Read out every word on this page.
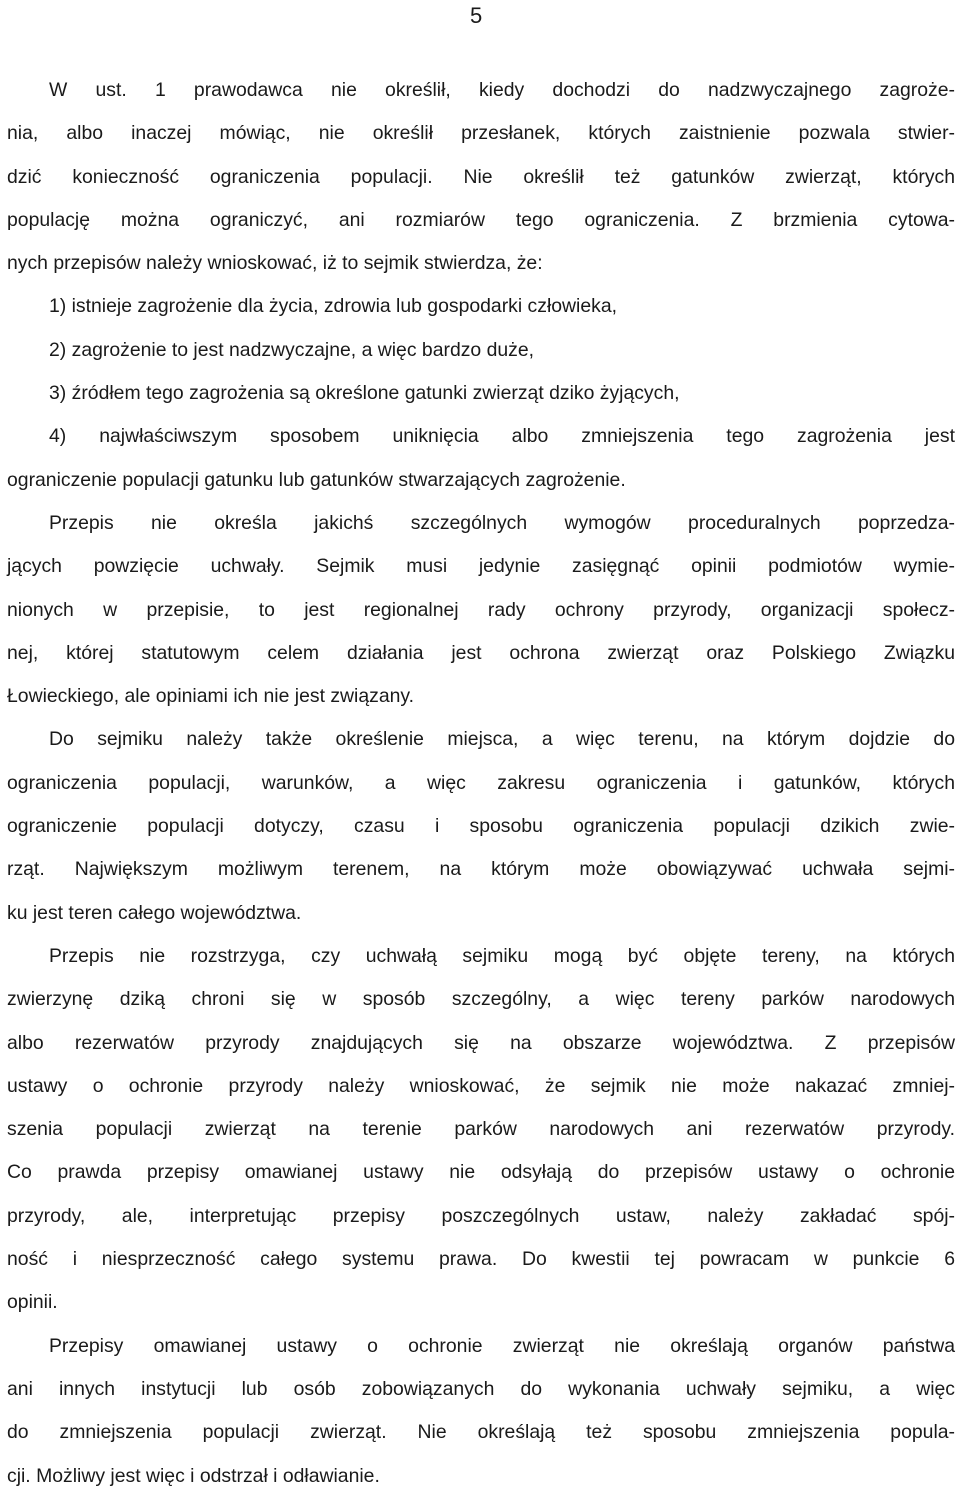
5
W ust. 1 prawodawca nie określił, kiedy dochodzi do nadzwyczajnego zagroże-
nia, albo inaczej mówiąc, nie określił przesłanek, których zaistnienie pozwala stwier-
dzić konieczność ograniczenia populacji. Nie określił też gatunków zwierząt, których
populację można ograniczyć, ani rozmiarów tego ograniczenia. Z brzmienia cytowa-
nych przepisów należy wnioskować, iż to sejmik stwierdza, że:
1) istnieje zagrożenie dla życia, zdrowia lub gospodarki człowieka,
2) zagrożenie to jest nadzwyczajne, a więc bardzo duże,
3) źródłem tego zagrożenia są określone gatunki zwierząt dziko żyjących,
4) najwłaściwszym sposobem uniknięcia albo zmniejszenia tego zagrożenia jest
ograniczenie populacji gatunku lub gatunków stwarzających zagrożenie.
Przepis nie określa jakichś szczególnych wymogów proceduralnych poprzedza-
jących powzięcie uchwały. Sejmik musi jedynie zasięgnąć opinii podmiotów wymie-
nionych w przepisie, to jest regionalnej rady ochrony przyrody, organizacji społecz-
nej, której statutowym celem działania jest ochrona zwierząt oraz Polskiego Związku
Łowieckiego, ale opiniami ich nie jest związany.
Do sejmiku należy także określenie miejsca, a więc terenu, na którym dojdzie do
ograniczenia populacji, warunków, a więc zakresu ograniczenia i gatunków, których
ograniczenie populacji dotyczy, czasu i sposobu ograniczenia populacji dzikich zwie-
rząt. Największym możliwym terenem, na którym może obowiązywać uchwała sejmi-
ku jest teren całego województwa.
Przepis nie rozstrzyga, czy uchwałą sejmiku mogą być objęte tereny, na których
zwierzynę dziką chroni się w sposób szczególny, a więc tereny parków narodowych
albo rezerwatów przyrody znajdujących się na obszarze województwa. Z przepisów
ustawy o ochronie przyrody należy wnioskować, że sejmik nie może nakazać zmniej-
szenia populacji zwierząt na terenie parków narodowych ani rezerwatów przyrody.
Co prawda przepisy omawianej ustawy nie odsyłają do przepisów ustawy o ochronie
przyrody, ale, interpretując przepisy poszczególnych ustaw, należy zakładać spój-
ność i niesprzeczność całego systemu prawa. Do kwestii tej powracam w punkcie 6
opinii.
Przepisy omawianej ustawy o ochronie zwierząt nie określają organów państwa
ani innych instytucji lub osób zobowiązanych do wykonania uchwały sejmiku, a więc
do zmniejszenia populacji zwierząt. Nie określają też sposobu zmniejszenia popula-
cji. Możliwy jest więc i odstrzał i odławianie.
